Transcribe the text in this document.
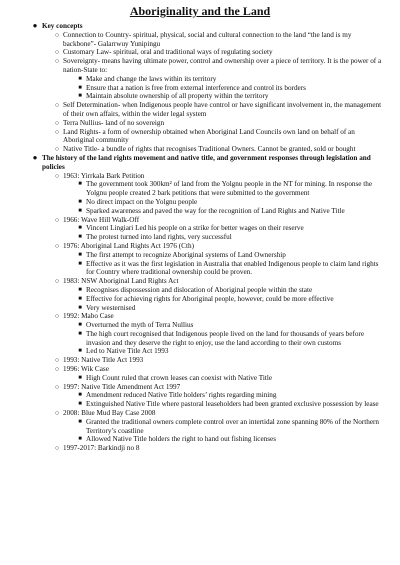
Aboriginality and the Land
● Key concepts
○ Connection to Country- spiritual, physical, social and cultural connection to the land “the land is my backbone”- Galarrwuy Yunipingu
○ Customary Law- spiritual, oral and traditional ways of regulating society
○ Sovereignty- means having ultimate power, control and ownership over a piece of territory. It is the power of a nation-State to:
■ Make and change the laws within its territory
■ Ensure that a nation is free from external interference and control its borders
■ Maintain absolute ownership of all property within the territory
○ Self Determination- when Indigenous people have control or have significant involvement in, the management of their own affairs, within the wider legal system
○ Terra Nullius- land of no sovereign
○ Land Rights- a form of ownership obtained when Aboriginal Land Councils own land on behalf of an Aboriginal community
○ Native Title- a bundle of rights that recognises Traditional Owners. Cannot be granted, sold or bought
● The history of the land rights movement and native title, and government responses through legislation and policies
○ 1963: Yirrkala Bark Petition
■ The government took 300km² of land from the Yolgnu people in the NT for mining. In response the Yolgnu people created 2 bark petitions that were submitted to the government
■ No direct impact on the Yolgnu people
■ Sparked awareness and paved the way for the recognition of Land Rights and Native Title
○ 1966: Wave Hill Walk-Off
■ Vincent Lingiari Led his people on a strike for better wages on their reserve
■ The protest turned into land rights, very successful
○ 1976: Aboriginal Land Rights Act 1976 (Cth)
■ The first attempt to recognize Aboriginal systems of Land Ownership
■ Effective as it was the first legislation in Australia that enabled Indigenous people to claim land rights for Country where traditional ownership could be proven.
○ 1983: NSW Aboriginal Land Rights Act
■ Recognises dispossession and dislocation of Aboriginal people within the state
■ Effective for achieving rights for Aboriginal people, however, could be more effective
■ Very westernised
○ 1992: Mabo Case
■ Overturned the myth of Terra Nullius
■ The high court recognised that Indigenous people lived on the land for thousands of years before invasion and they deserve the right to enjoy, use the land according to their own customs
■ Led to Native Title Act 1993
○ 1993: Native Title Act 1993
○ 1996: Wik Case
■ High Count ruled that crown leases can coexist with Native Title
○ 1997: Native Title Amendment Act 1997
■ Amendment reduced Native Title holders’ rights regarding mining
■ Extinguished Native Title where pastoral leaseholders had been granted exclusive possession by lease
○ 2008: Blue Mud Bay Case 2008
■ Granted the traditional owners complete control over an intertidal zone spanning 80% of the Northern Territory’s coastline
■ Allowed Native Title holders the right to hand out fishing licenses
○ 1997-2017: Barkindji no 8
